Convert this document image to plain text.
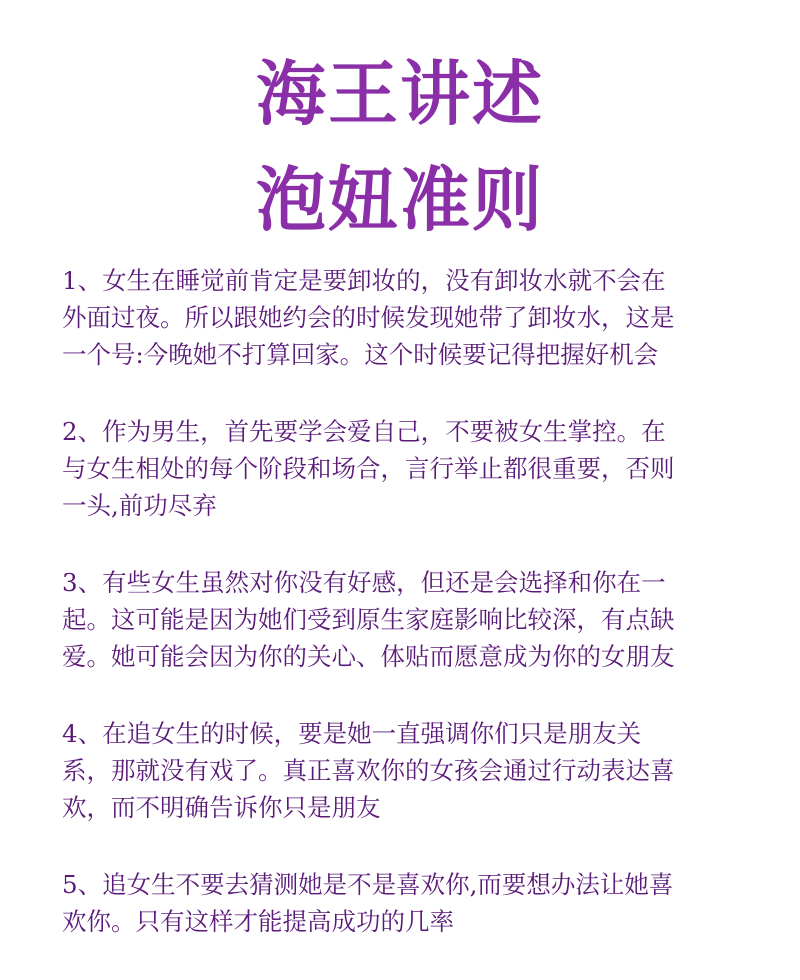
海王讲述
泡妞准则
1、女生在睡觉前肯定是要卸妆的，没有卸妆水就不会在
外面过夜。所以跟她约会的时候发现她带了卸妆水，这是
一个号:今晚她不打算回家。这个时候要记得把握好机会
2、作为男生，首先要学会爱自己，不要被女生掌控。在
与女生相处的每个阶段和场合，言行举止都很重要，否则
一头,前功尽弃
3、有些女生虽然对你没有好感，但还是会选择和你在一
起。这可能是因为她们受到原生家庭影响比较深，有点缺
爱。她可能会因为你的关心、体贴而愿意成为你的女朋友
4、在追女生的时候，要是她一直强调你们只是朋友关
系，那就没有戏了。真正喜欢你的女孩会通过行动表达喜
欢，而不明确告诉你只是朋友
5、追女生不要去猜测她是不是喜欢你,而要想办法让她喜
欢你。只有这样才能提高成功的几率
